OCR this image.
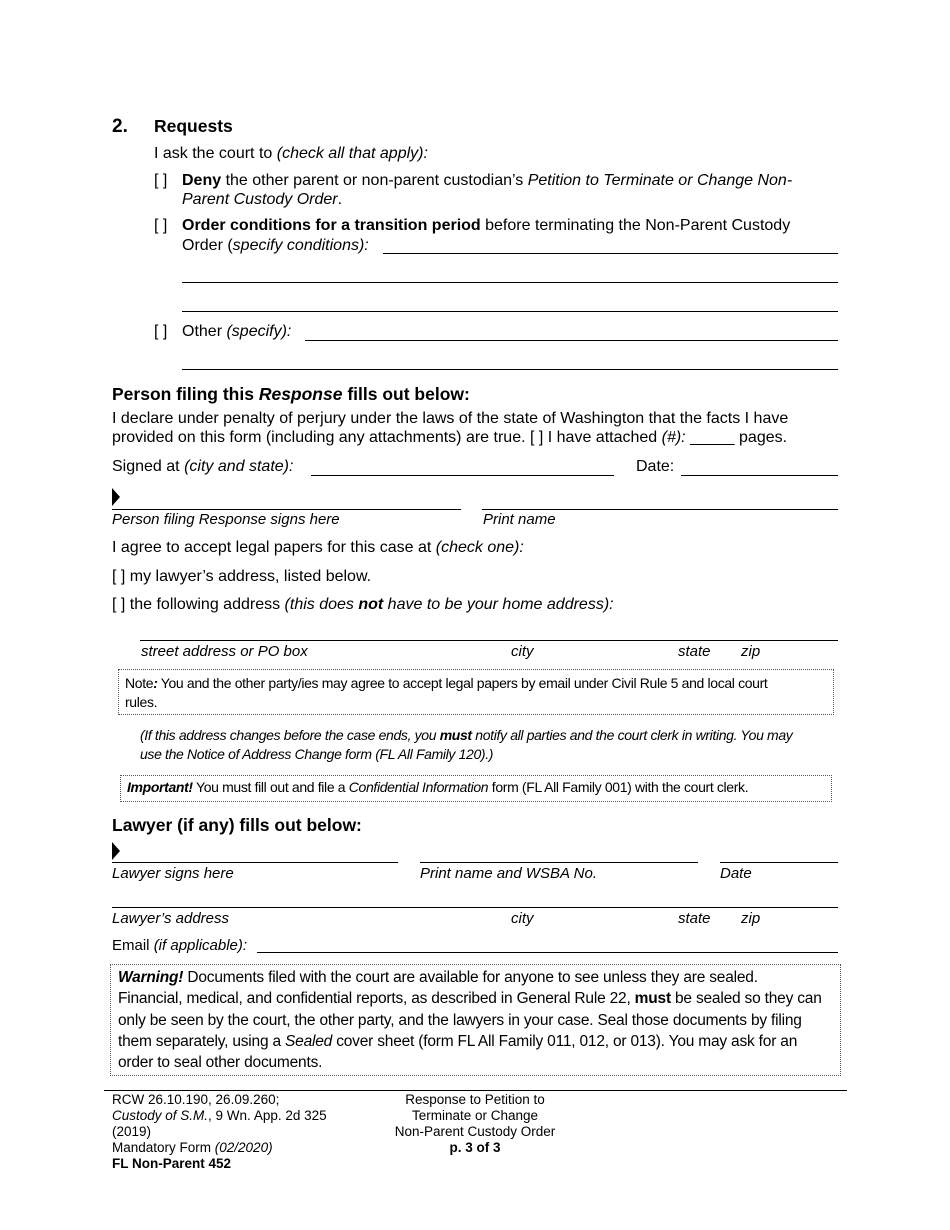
2. Requests
I ask the court to (check all that apply):
[ ] Deny the other parent or non-parent custodian’s Petition to Terminate or Change Non-
Parent Custody Order.
[ ] Order conditions for a transition period before terminating the Non-Parent Custody
Order (specify conditions):
[ ] Other (specify):
Person filing this Response fills out below:
I declare under penalty of perjury under the laws of the state of Washington that the facts I have
provided on this form (including any attachments) are true. [ ] I have attached (#): _____ pages.
Signed at (city and state):	Date:
Person filing Response signs here	Print name
I agree to accept legal papers for this case at (check one):
[ ] my lawyer’s address, listed below.
[ ] the following address (this does not have to be your home address):
street address or PO box	city	state zip
Note: You and the other party/ies may agree to accept legal papers by email under Civil Rule 5 and local court
rules.
(If this address changes before the case ends, you must notify all parties and the court clerk in writing. You may
use the Notice of Address Change form (FL All Family 120).)
Important! You must fill out and file a Confidential Information form (FL All Family 001) with the court clerk.
Lawyer (if any) fills out below:
Lawyer signs here	Print name and WSBA No.	Date
Lawyer’s address	city	state zip
Email (if applicable):
Warning! Documents filed with the court are available for anyone to see unless they are sealed.
Financial, medical, and confidential reports, as described in General Rule 22, must be sealed so they can
only be seen by the court, the other party, and the lawyers in your case. Seal those documents by filing
them separately, using a Sealed cover sheet (form FL All Family 011, 012, or 013). You may ask for an
order to seal other documents.
RCW 26.10.190, 26.09.260;
Custody of S.M., 9 Wn. App. 2d 325
(2019)
Mandatory Form (02/2020)
FL Non-Parent 452
Response to Petition to
Terminate or Change
Non-Parent Custody Order
p. 3 of 3
